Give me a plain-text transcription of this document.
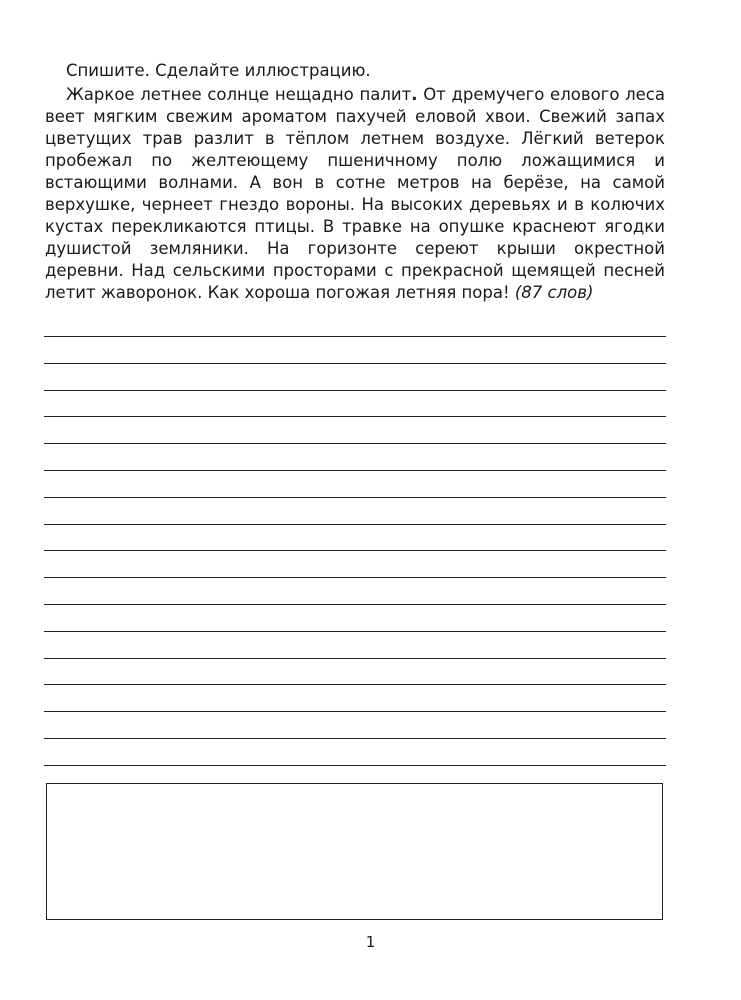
Спишите. Сделайте иллюстрацию.

Жаркое летнее солнце нещадно палит. От дремучего елового леса веет мягким свежим ароматом пахучей еловой хвои. Свежий запах цветущих трав разлит в тёплом летнем воздухе. Лёгкий ветерок пробежал по желтеющему пшеничному полю ложащимися и встающими волнами. А вон в сотне метров на берёзе, на самой верхушке, чернеет гнездо вороны. На высоких деревьях и в колючих кустах перекликаются птицы. В травке на опушке краснеют ягодки душистой земляники. На горизонте сереют крыши окрестной деревни. Над сельскими просторами с прекрасной щемящей песней летит жаворонок. Как хороша погожая летняя пора! (87 слов)

1
